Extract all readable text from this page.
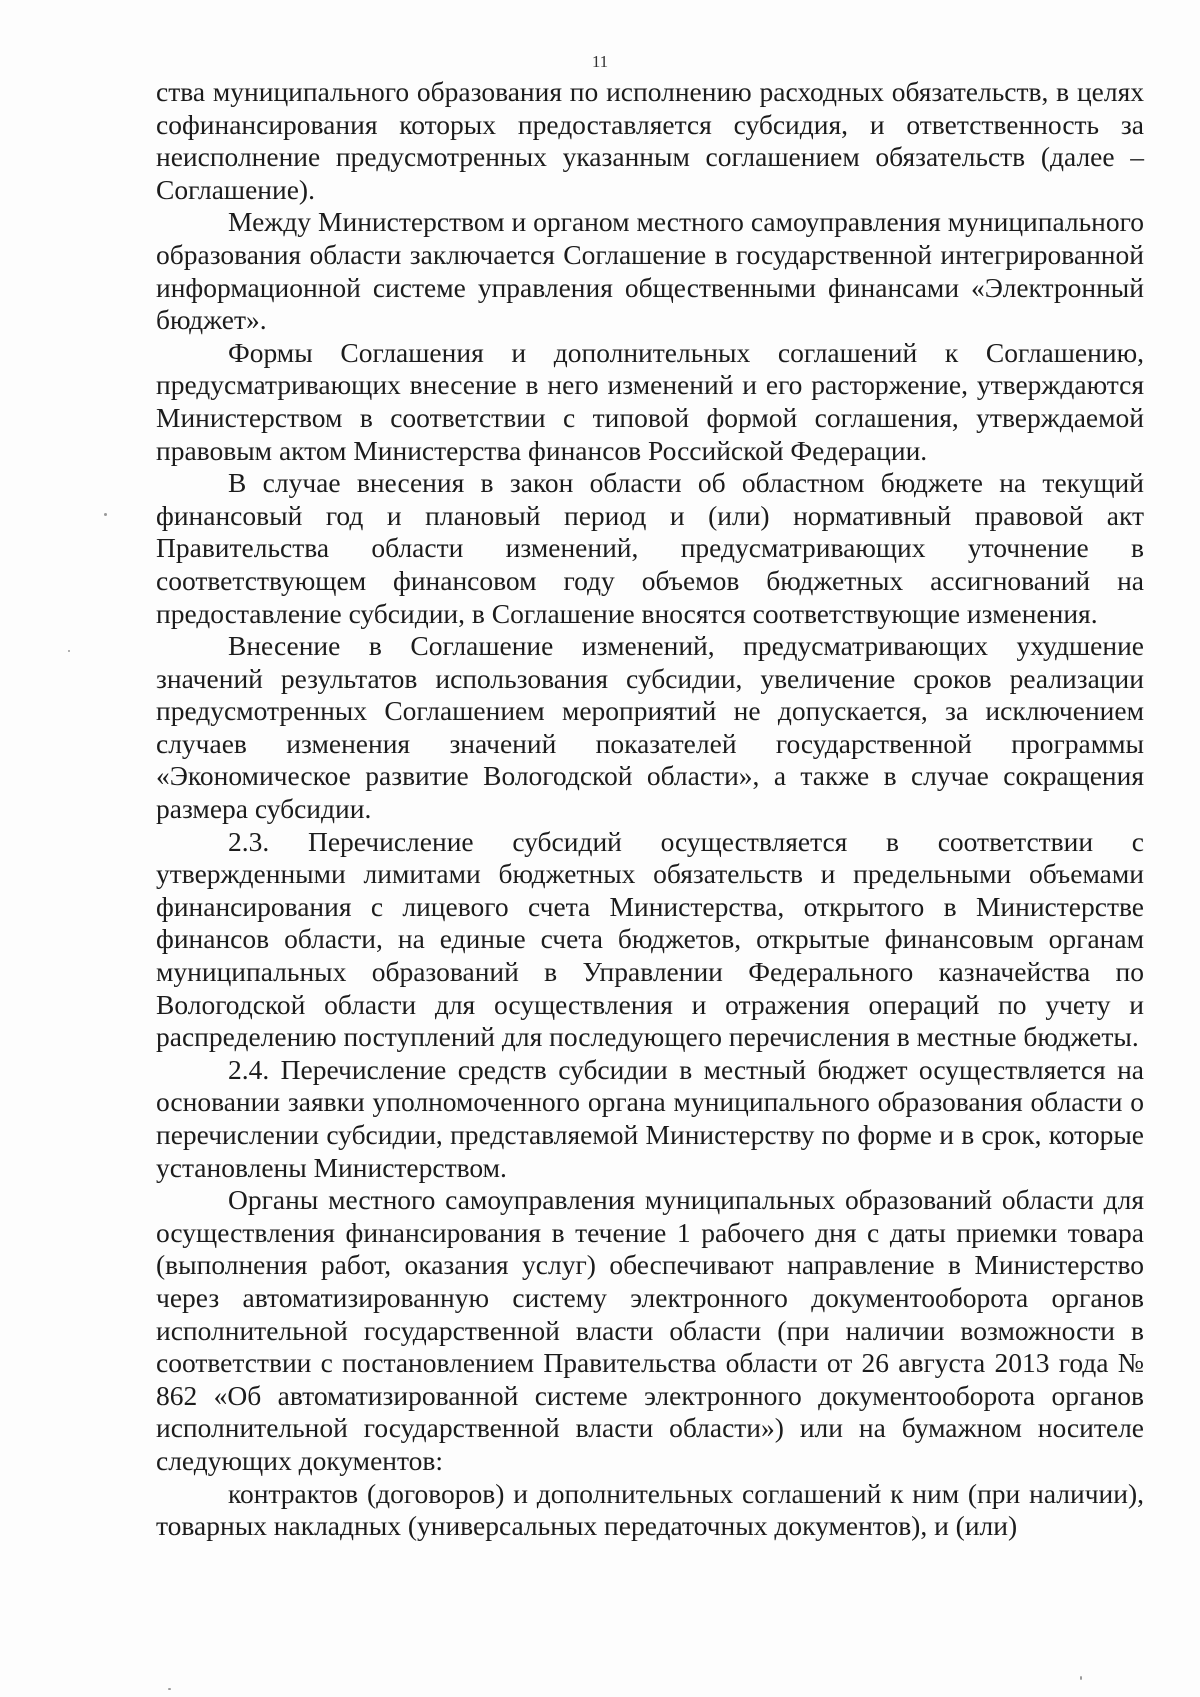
11

ства муниципального образования по исполнению расходных обязательств, в целях софинансирования которых предоставляется субсидия, и ответственность за неисполнение предусмотренных указанным соглашением обязательств (далее – Соглашение).

Между Министерством и органом местного самоуправления муниципального образования области заключается Соглашение в государственной интегрированной информационной системе управления общественными финансами «Электронный бюджет».

Формы Соглашения и дополнительных соглашений к Соглашению, предусматривающих внесение в него изменений и его расторжение, утверждаются Министерством в соответствии с типовой формой соглашения, утверждаемой правовым актом Министерства финансов Российской Федерации.

В случае внесения в закон области об областном бюджете на текущий финансовый год и плановый период и (или) нормативный правовой акт Правительства области изменений, предусматривающих уточнение в соответствующем финансовом году объемов бюджетных ассигнований на предоставление субсидии, в Соглашение вносятся соответствующие изменения.

Внесение в Соглашение изменений, предусматривающих ухудшение значений результатов использования субсидии, увеличение сроков реализации предусмотренных Соглашением мероприятий не допускается, за исключением случаев изменения значений показателей государственной программы «Экономическое развитие Вологодской области», а также в случае сокращения размера субсидии.

2.3. Перечисление субсидий осуществляется в соответствии с утвержденными лимитами бюджетных обязательств и предельными объемами финансирования с лицевого счета Министерства, открытого в Министерстве финансов области, на единые счета бюджетов, открытые финансовым органам муниципальных образований в Управлении Федерального казначейства по Вологодской области для осуществления и отражения операций по учету и распределению поступлений для последующего перечисления в местные бюджеты.

2.4. Перечисление средств субсидии в местный бюджет осуществляется на основании заявки уполномоченного органа муниципального образования области о перечислении субсидии, представляемой Министерству по форме и в срок, которые установлены Министерством.

Органы местного самоуправления муниципальных образований области для осуществления финансирования в течение 1 рабочего дня с даты приемки товара (выполнения работ, оказания услуг) обеспечивают направление в Министерство через автоматизированную систему электронного документооборота органов исполнительной государственной власти области (при наличии возможности в соответствии с постановлением Правительства области от 26 августа 2013 года № 862 «Об автоматизированной системе электронного документооборота органов исполнительной государственной власти области») или на бумажном носителе следующих документов:

контрактов (договоров) и дополнительных соглашений к ним (при наличии), товарных накладных (универсальных передаточных документов), и (или)
